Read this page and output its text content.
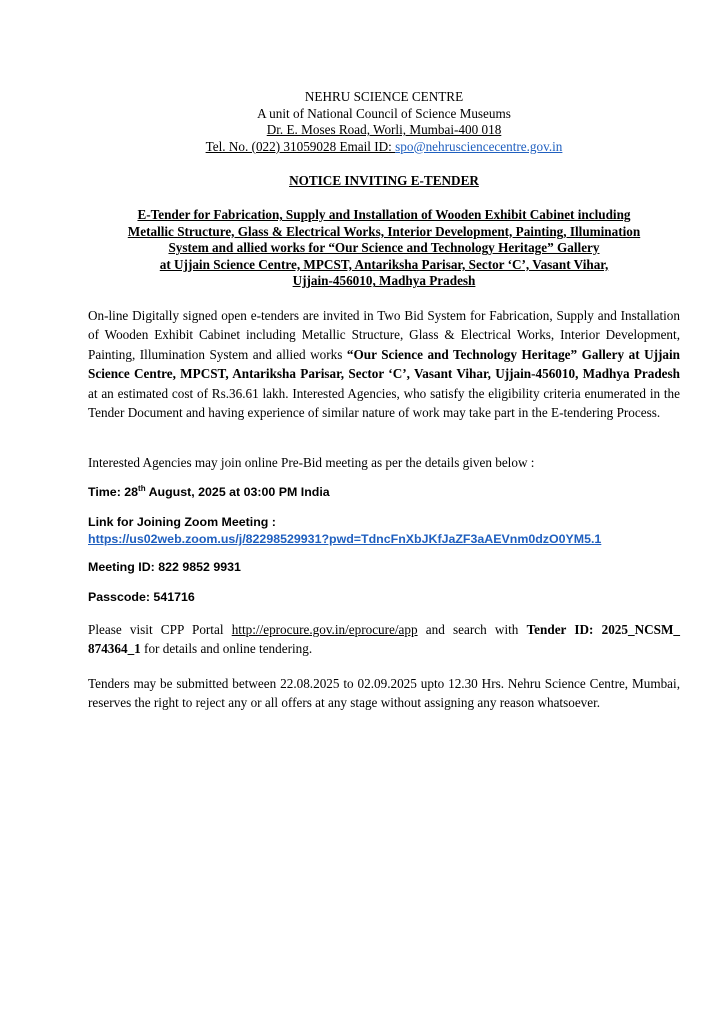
NEHRU SCIENCE CENTRE
A unit of National Council of Science Museums
Dr. E. Moses Road, Worli, Mumbai-400 018
Tel. No. (022) 31059028 Email ID: spo@nehrusciencecentre.gov.in
NOTICE INVITING E-TENDER
E-Tender for Fabrication, Supply and Installation of Wooden Exhibit Cabinet including
Metallic Structure, Glass & Electrical Works, Interior Development, Painting, Illumination
System and allied works for “Our Science and Technology Heritage” Gallery
at Ujjain Science Centre, MPCST, Antariksha Parisar, Sector ‘C’, Vasant Vihar,
Ujjain-456010, Madhya Pradesh

On-line Digitally signed open e-tenders are invited in Two Bid System for Fabrication, Supply and Installation of Wooden Exhibit Cabinet including Metallic Structure, Glass & Electrical Works, Interior Development, Painting, Illumination System and allied works “Our Science and Technology Heritage” Gallery at Ujjain Science Centre, MPCST, Antariksha Parisar, Sector ‘C’, Vasant Vihar, Ujjain-456010, Madhya Pradesh at an estimated cost of Rs.36.61 lakh. Interested Agencies, who satisfy the eligibility criteria enumerated in the Tender Document and having experience of similar nature of work may take part in the E-tendering Process.

Interested Agencies may join online Pre-Bid meeting as per the details given below :

Time: 28th August, 2025 at 03:00 PM India
Link for Joining Zoom Meeting :
https://us02web.zoom.us/j/82298529931?pwd=TdncFnXbJKfJaZF3aAEVnm0dzO0YM5.1
Meeting ID: 822 9852 9931
Passcode: 541716

Please visit CPP Portal http://eprocure.gov.in/eprocure/app and search with Tender ID: 2025_NCSM_ 874364_1 for details and online tendering.

Tenders may be submitted between 22.08.2025 to 02.09.2025 upto 12.30 Hrs. Nehru Science Centre, Mumbai, reserves the right to reject any or all offers at any stage without assigning any reason whatsoever.
